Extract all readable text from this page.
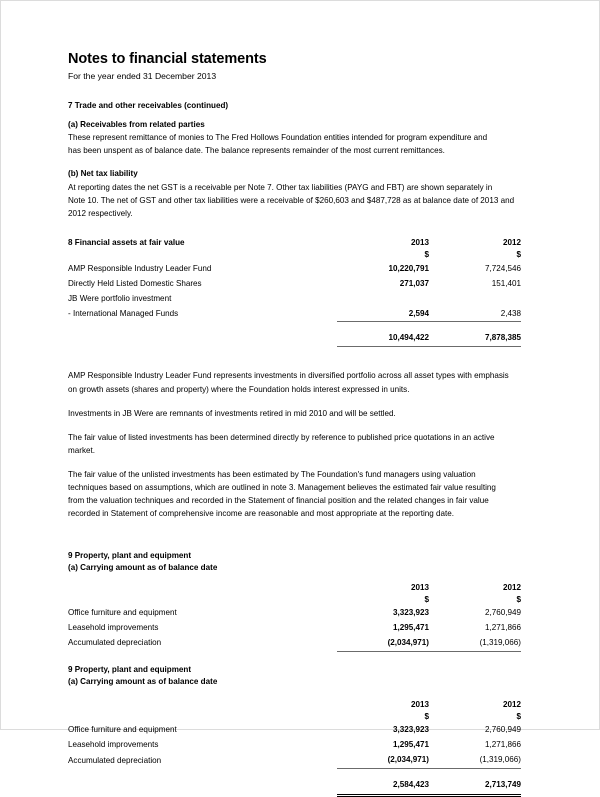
Notes to financial statements
For the year ended 31 December 2013
7 Trade and other receivables (continued)
(a) Receivables from related parties
These represent remittance of monies to The Fred Hollows Foundation entities intended for program expenditure and
has been unspent as of balance date. The balance represents remainder of the most current remittances.
(b) Net tax liability
At reporting dates the net GST is a receivable per Note 7. Other tax liabilities (PAYG and FBT) are shown separately in
Note 10. The net of GST and other tax liabilities were a receivable of $260,603 and $487,728 as at balance date of 2013 and
2012 respectively.
8 Financial assets at fair value	2013	2012
	$	$
AMP Responsible Industry Leader Fund	10,220,791	7,724,546
Directly Held Listed Domestic Shares	271,037	151,401
JB Were portfolio investment		
- International Managed Funds	2,594	2,438

	10,494,422	7,878,385

AMP Responsible Industry Leader Fund represents investments in diversified portfolio across all asset types with emphasis
on growth assets (shares and property) where the Foundation holds interest expressed in units.
Investments in JB Were are remnants of investments retired in mid 2010 and will be settled.
The fair value of listed investments has been determined directly by reference to published price quotations in an active
market.
The fair value of the unlisted investments has been estimated by The Foundation's fund managers using valuation
techniques based on assumptions, which are outlined in note 3. Management believes the estimated fair value resulting
from the valuation techniques and recorded in the Statement of financial position and the related changes in fair value
recorded in Statement of comprehensive income are reasonable and most appropriate at the reporting date.
9 Property, plant and equipment
(a) Carrying amount as of balance date
	2013	2012
	$	$
Office furniture and equipment	3,323,923	2,760,949
Leasehold improvements	1,295,471	1,271,866
Accumulated depreciation	(2,034,971)	(1,319,066)

9 Property, plant and equipment
(a) Carrying amount as of balance date
	2013	2012
	$	$
Office furniture and equipment	3,323,923	2,760,949
Leasehold improvements	1,295,471	1,271,866
Accumulated depreciation	(2,034,971)	(1,319,066)

	2,584,423	2,713,749
